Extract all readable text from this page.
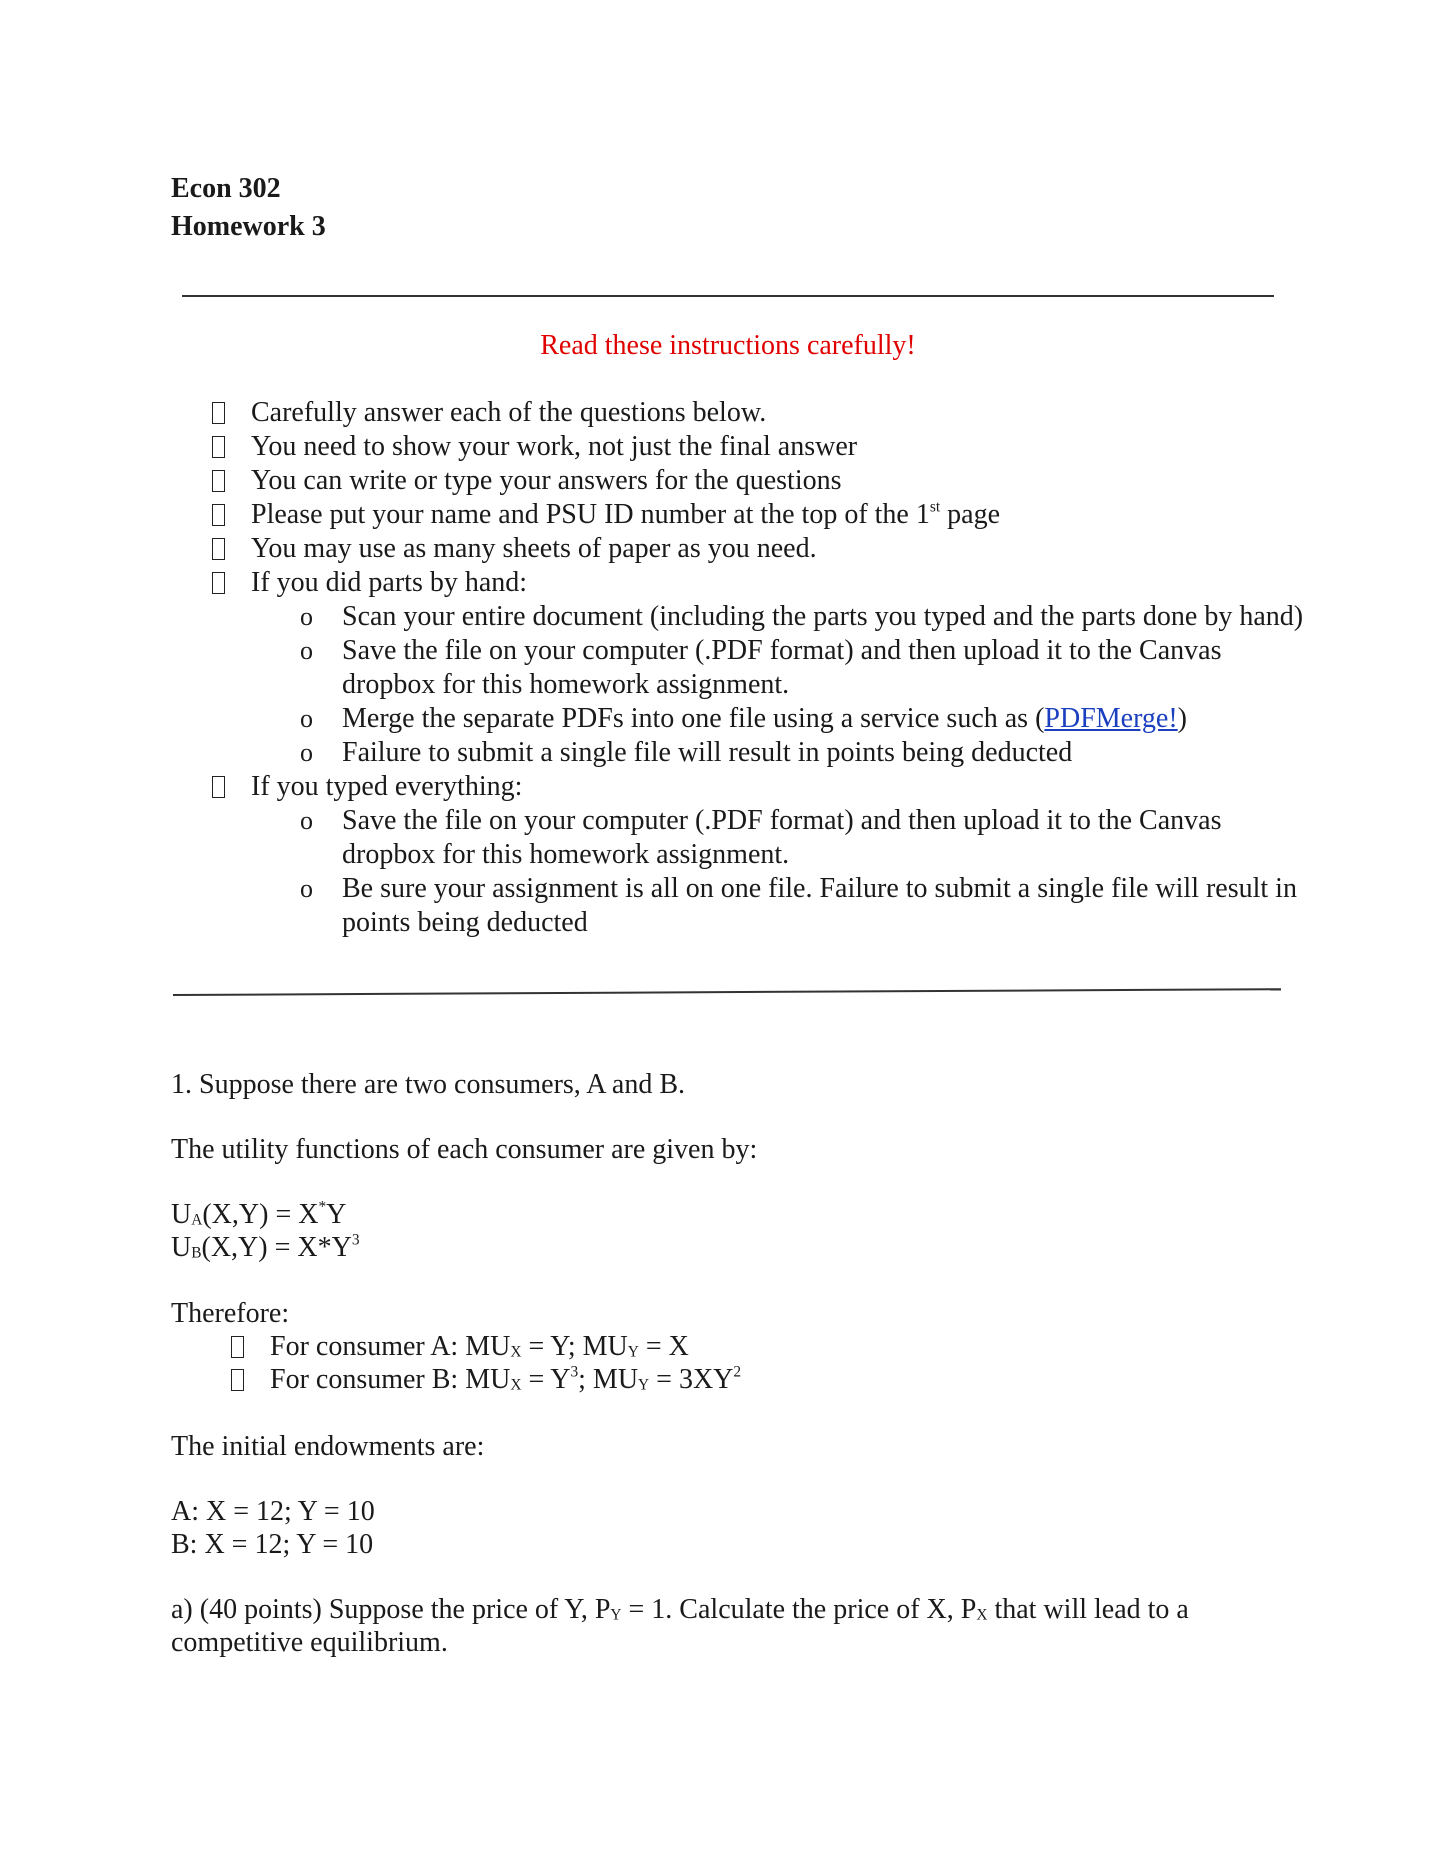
Econ 302
Homework 3
Read these instructions carefully!
Carefully answer each of the questions below.
You need to show your work, not just the final answer
You can write or type your answers for the questions
Please put your name and PSU ID number at the top of the 1st page
You may use as many sheets of paper as you need.
If you did parts by hand:
o	Scan your entire document (including the parts you typed and the parts done by hand)
o	Save the file on your computer (.PDF format) and then upload it to the Canvas dropbox for this homework assignment.
o	Merge the separate PDFs into one file using a service such as (PDFMerge!)
o	Failure to submit a single file will result in points being deducted
If you typed everything:
o	Save the file on your computer (.PDF format) and then upload it to the Canvas dropbox for this homework assignment.
o	Be sure your assignment is all on one file. Failure to submit a single file will result in points being deducted
1. Suppose there are two consumers, A and B.
The utility functions of each consumer are given by:
$U_A(X,Y) = X^*Y$
$U_B(X,Y) = X*Y^3$
Therefore:
For consumer A: $MU_X = Y$; $MU_Y = X$
For consumer B: $MU_X = Y^3$; $MU_Y = 3XY^2$
The initial endowments are:
A: X = 12; Y = 10
B: X = 12; Y = 10
a) (40 points) Suppose the price of Y, $P_Y = 1$. Calculate the price of X, $P_X$ that will lead to a competitive equilibrium.
